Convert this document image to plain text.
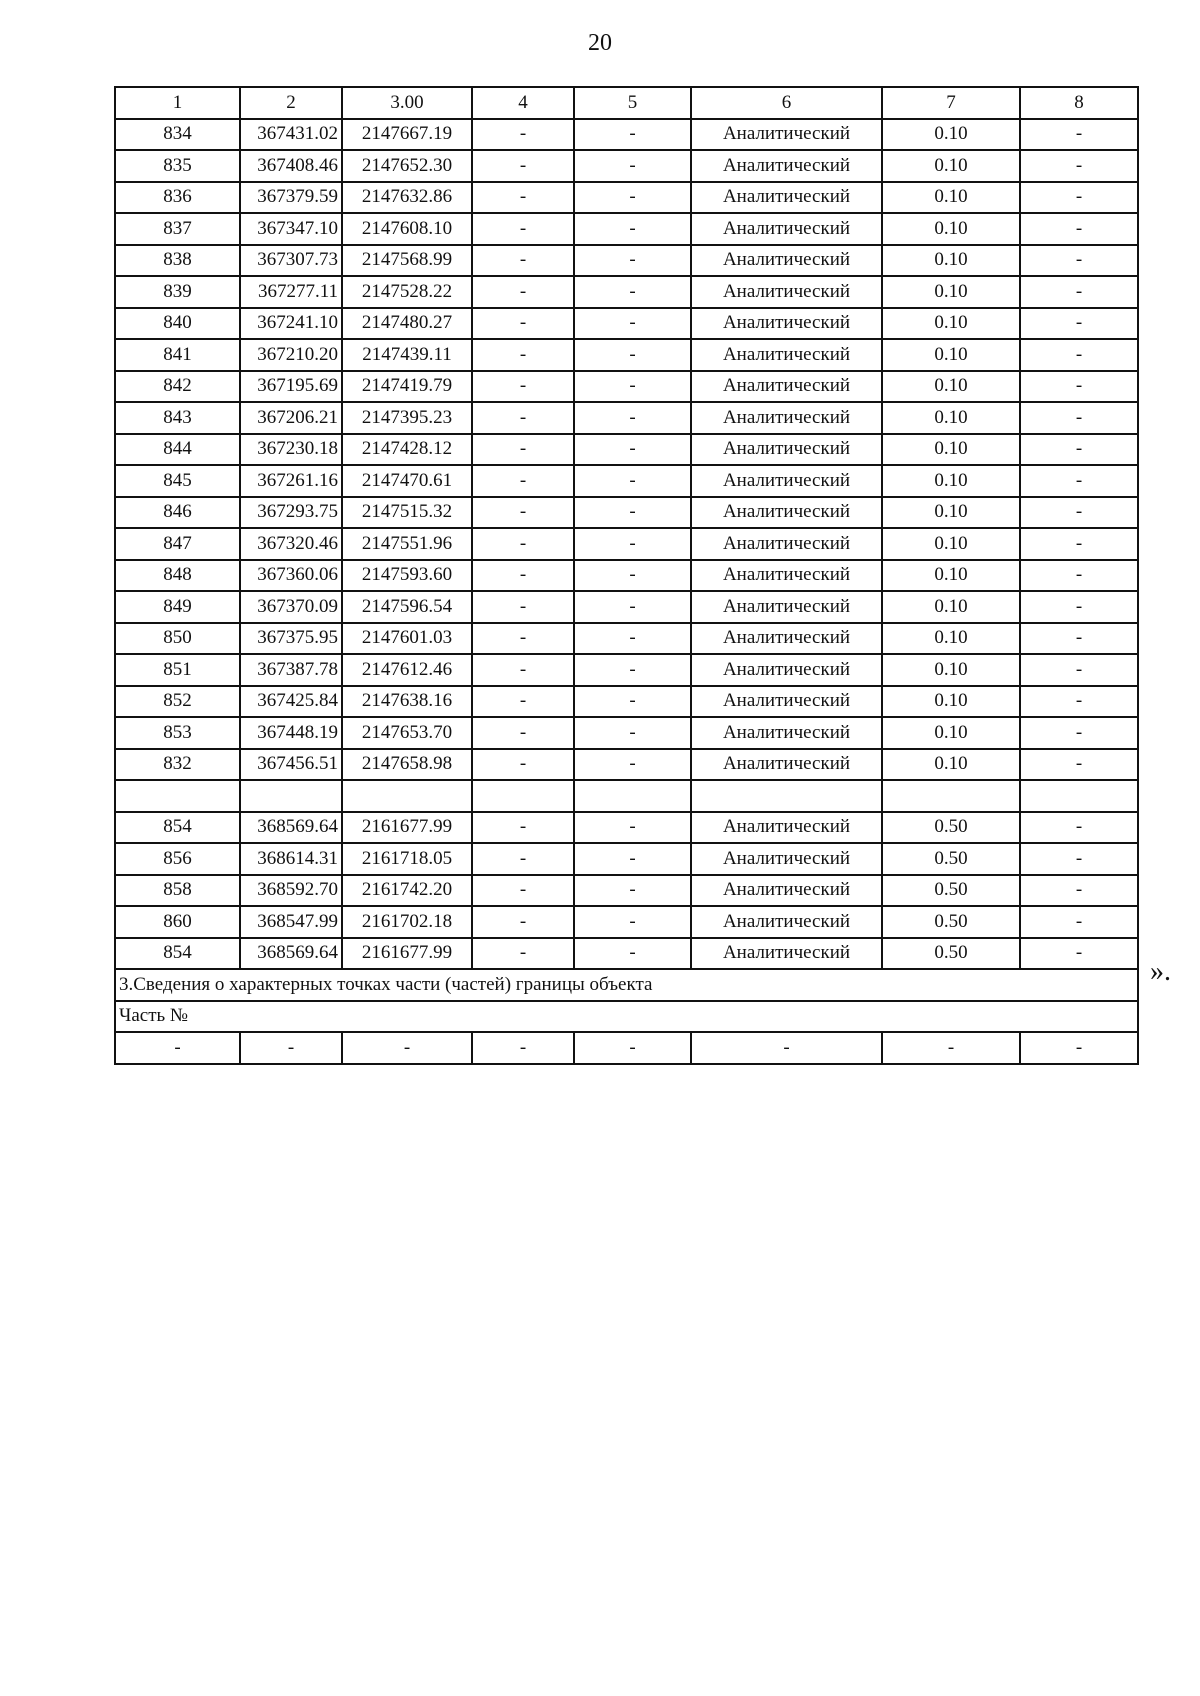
20
1	2	3.00	4	5	6	7	8
834	367431.02	2147667.19	-	-	Аналитический	0.10	-
835	367408.46	2147652.30	-	-	Аналитический	0.10	-
836	367379.59	2147632.86	-	-	Аналитический	0.10	-
837	367347.10	2147608.10	-	-	Аналитический	0.10	-
838	367307.73	2147568.99	-	-	Аналитический	0.10	-
839	367277.11	2147528.22	-	-	Аналитический	0.10	-
840	367241.10	2147480.27	-	-	Аналитический	0.10	-
841	367210.20	2147439.11	-	-	Аналитический	0.10	-
842	367195.69	2147419.79	-	-	Аналитический	0.10	-
843	367206.21	2147395.23	-	-	Аналитический	0.10	-
844	367230.18	2147428.12	-	-	Аналитический	0.10	-
845	367261.16	2147470.61	-	-	Аналитический	0.10	-
846	367293.75	2147515.32	-	-	Аналитический	0.10	-
847	367320.46	2147551.96	-	-	Аналитический	0.10	-
848	367360.06	2147593.60	-	-	Аналитический	0.10	-
849	367370.09	2147596.54	-	-	Аналитический	0.10	-
850	367375.95	2147601.03	-	-	Аналитический	0.10	-
851	367387.78	2147612.46	-	-	Аналитический	0.10	-
852	367425.84	2147638.16	-	-	Аналитический	0.10	-
853	367448.19	2147653.70	-	-	Аналитический	0.10	-
832	367456.51	2147658.98	-	-	Аналитический	0.10	-

854	368569.64	2161677.99	-	-	Аналитический	0.50	-
856	368614.31	2161718.05	-	-	Аналитический	0.50	-
858	368592.70	2161742.20	-	-	Аналитический	0.50	-
860	368547.99	2161702.18	-	-	Аналитический	0.50	-
854	368569.64	2161677.99	-	-	Аналитический	0.50	-
3.Сведения о характерных точках части (частей) границы объекта							
Часть №							
-	-	-	-	-	-	-	-
».
